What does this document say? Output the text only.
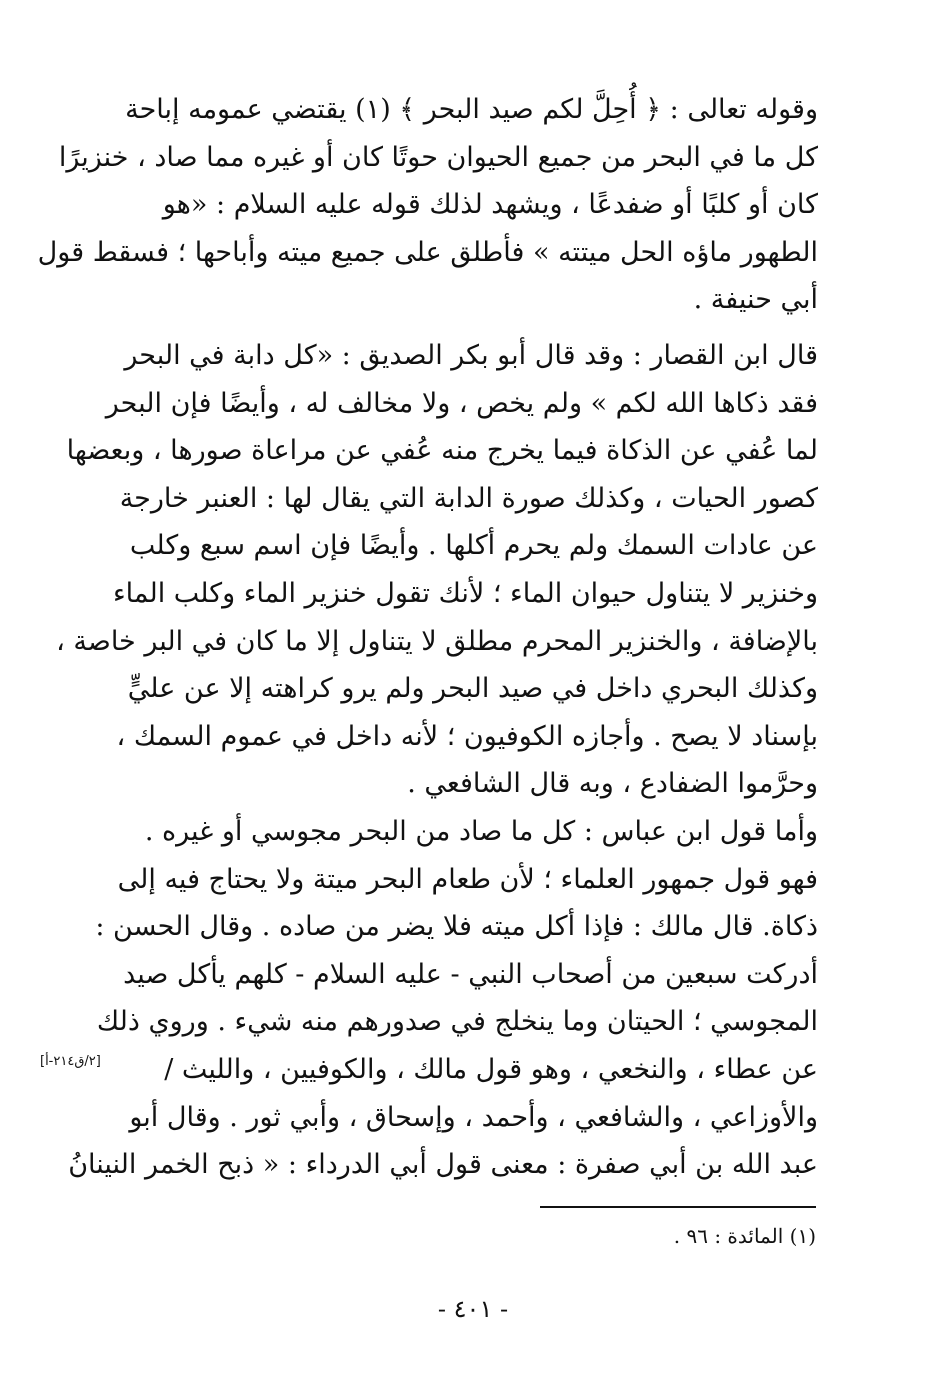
وقوله تعالى : ﴿ أُحِلَّ لكم صيد البحر ﴾ (١) يقتضي عمومه إباحة
كل ما في البحر من جميع الحيوان حوتًا كان أو غيره مما صاد ، خنزيرًا
كان أو كلبًا أو ضفدعًا ، ويشهد لذلك قوله عليه السلام : «هو
الطهور ماؤه الحل ميتته » فأطلق على جميع ميته وأباحها ؛ فسقط قول
أبي حنيفة .
قال ابن القصار : وقد قال أبو بكر الصديق : «كل دابة في البحر
فقد ذكاها الله لكم » ولم يخص ، ولا مخالف له ، وأيضًا فإن البحر
لما عُفي عن الذكاة فيما يخرج منه عُفي عن مراعاة صورها ، وبعضها
كصور الحيات ، وكذلك صورة الدابة التي يقال لها : العنبر خارجة
عن عادات السمك ولم يحرم أكلها . وأيضًا فإن اسم سبع وكلب
وخنزير لا يتناول حيوان الماء ؛ لأنك تقول خنزير الماء وكلب الماء
بالإضافة ، والخنزير المحرم مطلق لا يتناول إلا ما كان في البر خاصة ،
وكذلك البحري داخل في صيد البحر ولم يرو كراهته إلا عن عليٍّ
بإسناد لا يصح . وأجازه الكوفيون ؛ لأنه داخل في عموم السمك ،
وحرَّموا الضفادع ، وبه قال الشافعي .
وأما قول ابن عباس : كل ما صاد من البحر مجوسي أو غيره .
فهو قول جمهور العلماء ؛ لأن طعام البحر ميتة ولا يحتاج فيه إلى
ذكاة. قال مالك : فإذا أكل ميته فلا يضر من صاده . وقال الحسن :
أدركت سبعين من أصحاب النبي - عليه السلام - كلهم يأكل صيد
المجوسي ؛ الحيتان وما ينخلج في صدورهم منه شيء . وروي ذلك
عن عطاء ، والنخعي ، وهو قول مالك ، والكوفيين ، والليث /
والأوزاعي ، والشافعي ، وأحمد ، وإسحاق ، وأبي ثور . وقال أبو
عبد الله بن أبي صفرة : معنى قول أبي الدرداء : « ذبح الخمر النينانُ
[٢/ق٢١٤-أ]
(١) المائدة : ٩٦ .
- ٤٠١ -
